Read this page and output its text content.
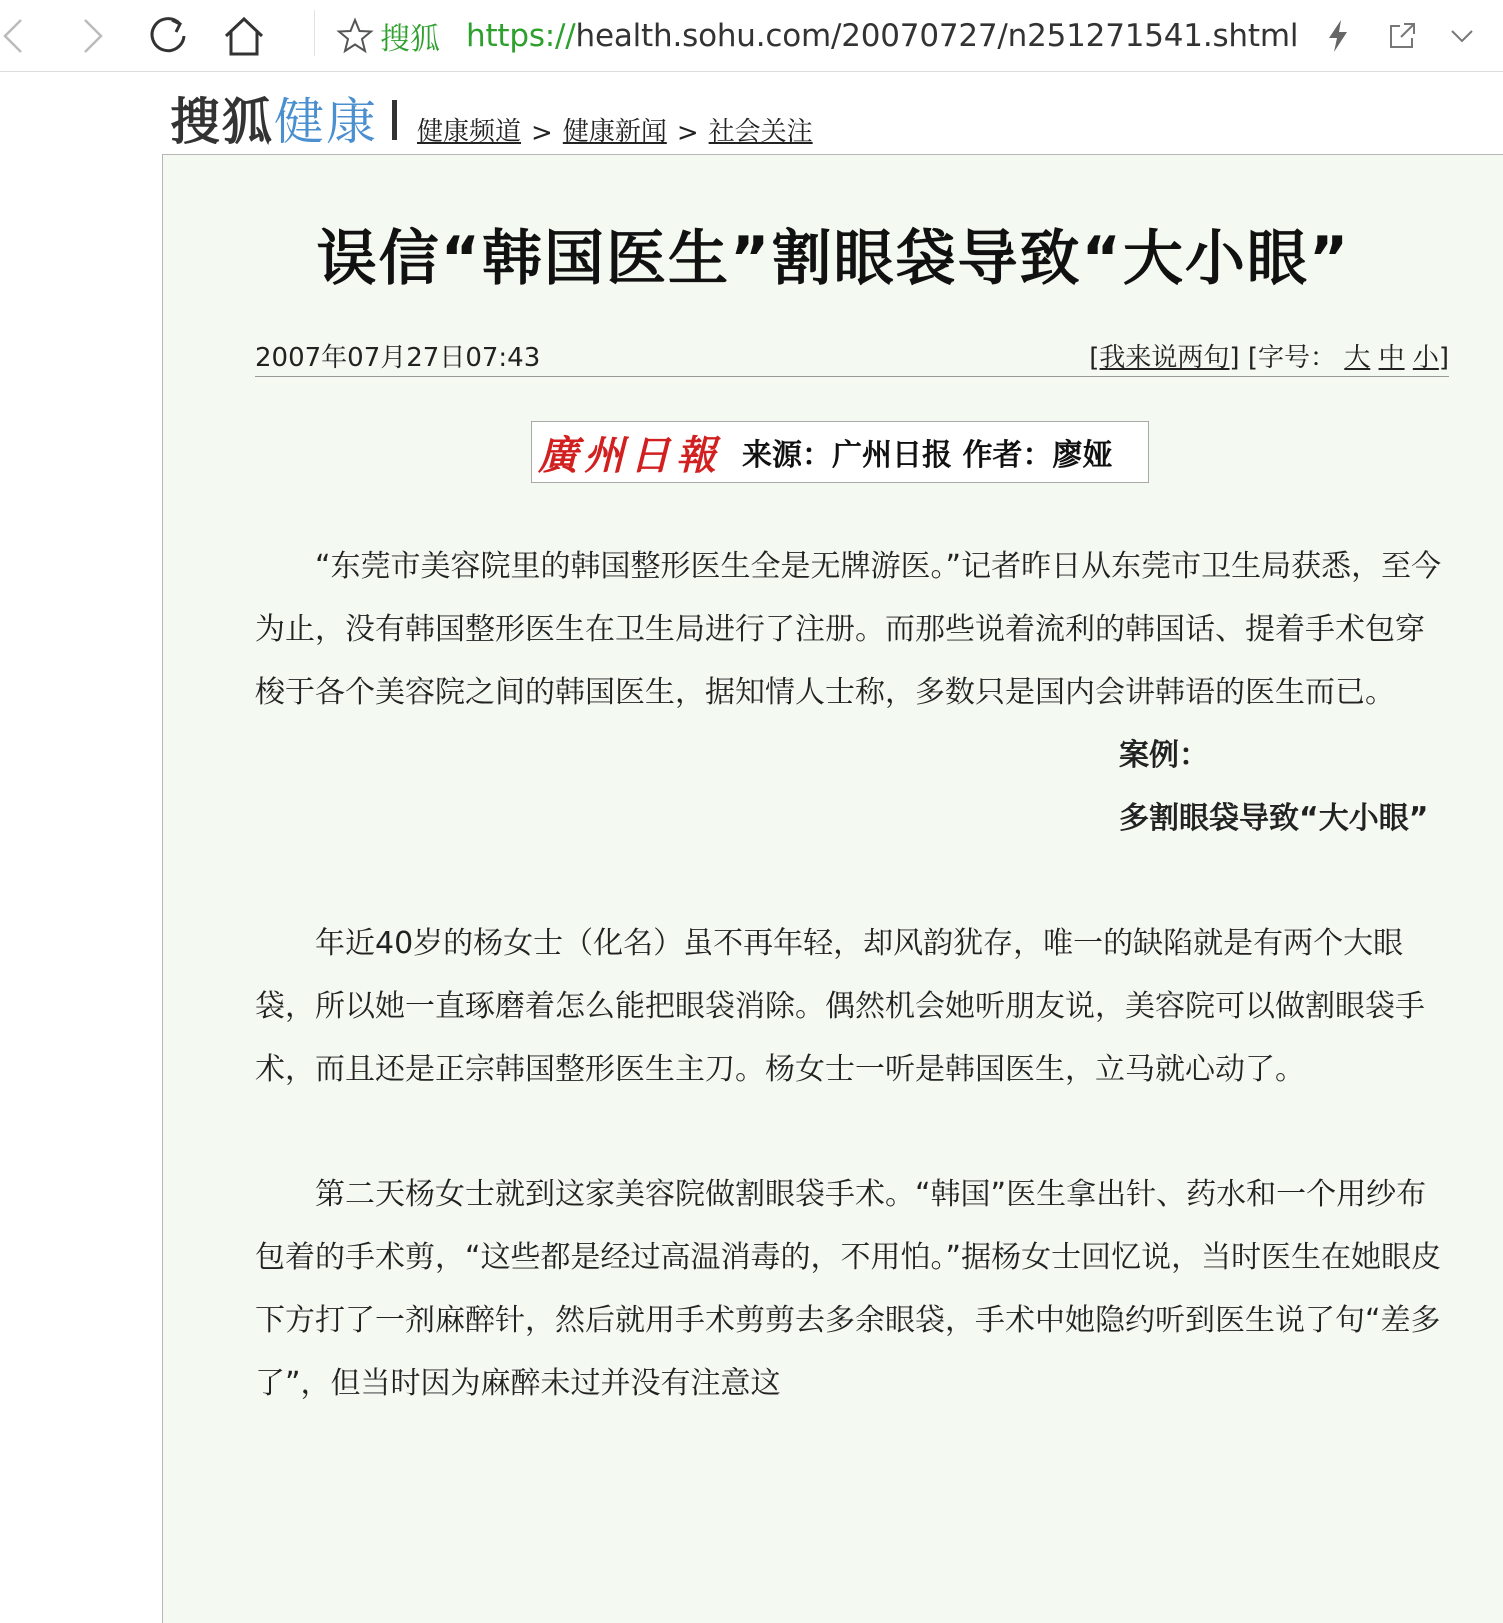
搜狐 https://health.sohu.com/20070727/n251271541.shtml
搜狐 健康 健康频道 > 健康新闻 > 社会关注
误信“韩国医生”割眼袋导致“大小眼”
2007年07月27日07:43	[我来说两句] [字号： 大 中 小]
廣州日報 来源：广州日报 作者：廖娅

“东莞市美容院里的韩国整形医生全是无牌游医。”记者昨日从东莞市卫生局获悉，至今为止，没有韩国整形医生在卫生局进行了注册。而那些说着流利的韩国话、提着手术包穿梭于各个美容院之间的韩国医生，据知情人士称，多数只是国内会讲韩语的医生而已。

案例：

多割眼袋导致“大小眼”

年近40岁的杨女士（化名）虽不再年轻，却风韵犹存，唯一的缺陷就是有两个大眼袋，所以她一直琢磨着怎么能把眼袋消除。偶然机会她听朋友说，美容院可以做割眼袋手术，而且还是正宗韩国整形医生主刀。杨女士一听是韩国医生，立马就心动了。

第二天杨女士就到这家美容院做割眼袋手术。“韩国”医生拿出针、药水和一个用纱布包着的手术剪，“这些都是经过高温消毒的，不用怕。”据杨女士回忆说，当时医生在她眼皮下方打了一剂麻醉针，然后就用手术剪剪去多余眼袋，手术中她隐约听到医生说了句“差多了”，但当时因为麻醉未过并没有注意这
